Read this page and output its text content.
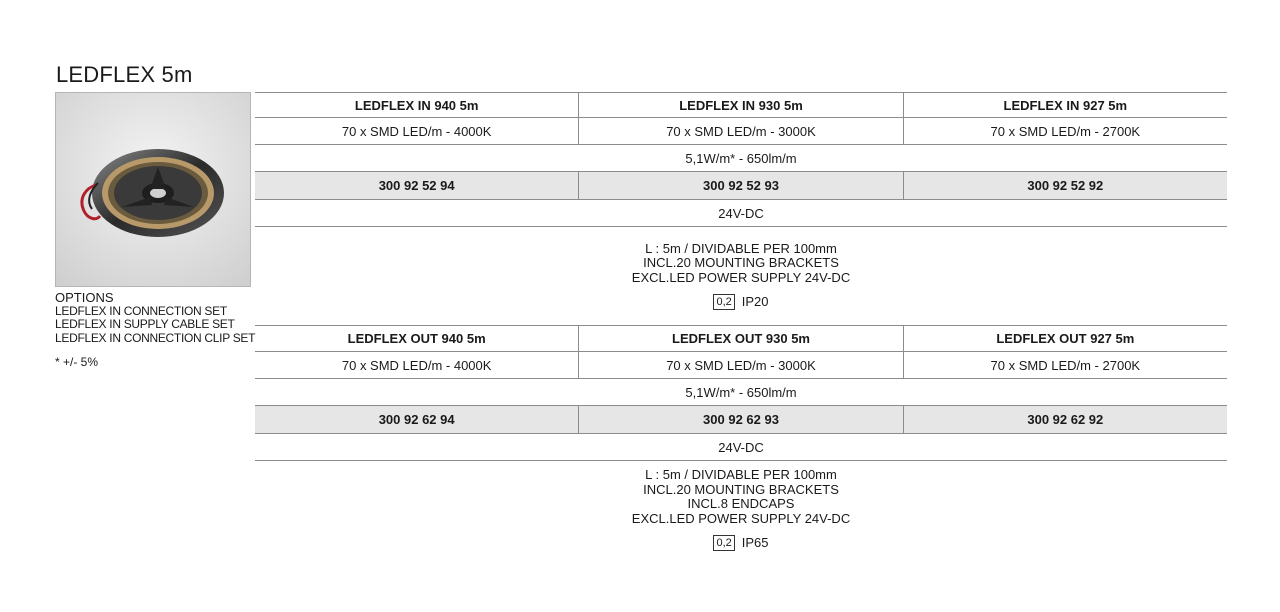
LEDFLEX 5m
OPTIONS
LEDFLEX IN CONNECTION SET
LEDFLEX IN SUPPLY CABLE SET
LEDFLEX IN CONNECTION CLIP SET
* +/- 5%
LEDFLEX IN 940 5m	LEDFLEX IN 930 5m	LEDFLEX IN 927 5m
70 x SMD LED/m - 4000K	70 x SMD LED/m - 3000K	70 x SMD LED/m - 2700K
5,1W/m* - 650lm/m
300 92 52 94	300 92 52 93	300 92 52 92
24V-DC
L : 5m / DIVIDABLE PER 100mm
INCL.20 MOUNTING BRACKETS
EXCL.LED POWER SUPPLY 24V-DC
0,2 IP20
LEDFLEX OUT 940 5m	LEDFLEX OUT 930 5m	LEDFLEX OUT 927 5m
70 x SMD LED/m - 4000K	70 x SMD LED/m - 3000K	70 x SMD LED/m - 2700K
5,1W/m* - 650lm/m
300 92 62 94	300 92 62 93	300 92 62 92
24V-DC
L : 5m / DIVIDABLE PER 100mm
INCL.20 MOUNTING BRACKETS
INCL.8 ENDCAPS
EXCL.LED POWER SUPPLY 24V-DC
0,2 IP65
